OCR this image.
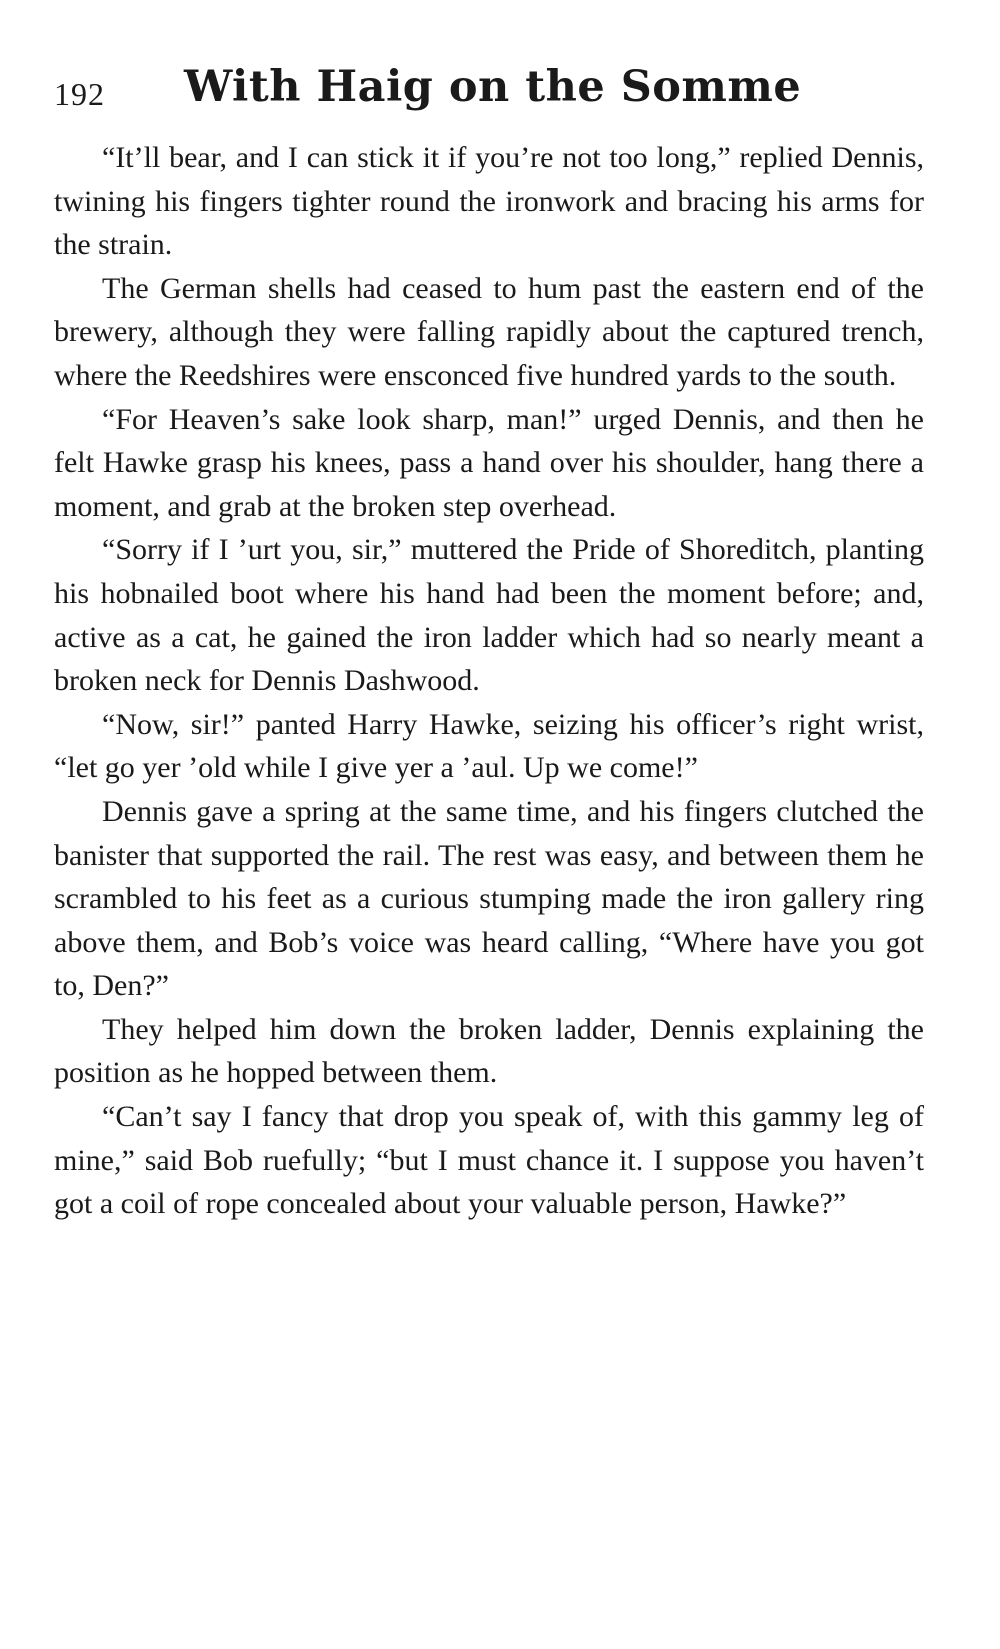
192 With Haig on the Somme

“It’ll bear, and I can stick it if you’re not too long,” replied Dennis, twining his fingers tighter round the ironwork and bracing his arms for the strain.

The German shells had ceased to hum past the eastern end of the brewery, although they were falling rapidly about the captured trench, where the Reedshires were ensconced five hundred yards to the south.

“For Heaven’s sake look sharp, man!” urged Dennis, and then he felt Hawke grasp his knees, pass a hand over his shoulder, hang there a moment, and grab at the broken step overhead.

“Sorry if I ’urt you, sir,” muttered the Pride of Shoreditch, planting his hobnailed boot where his hand had been the moment before; and, active as a cat, he gained the iron ladder which had so nearly meant a broken neck for Dennis Dashwood.

“Now, sir!” panted Harry Hawke, seizing his officer’s right wrist, “let go yer ’old while I give yer a ’aul. Up we come!”

Dennis gave a spring at the same time, and his fingers clutched the banister that supported the rail. The rest was easy, and between them he scrambled to his feet as a curious stumping made the iron gallery ring above them, and Bob’s voice was heard calling, “Where have you got to, Den?”

They helped him down the broken ladder, Dennis explaining the position as he hopped between them.

“Can’t say I fancy that drop you speak of, with this gammy leg of mine,” said Bob ruefully; “but I must chance it. I suppose you haven’t got a coil of rope concealed about your valuable person, Hawke?”
